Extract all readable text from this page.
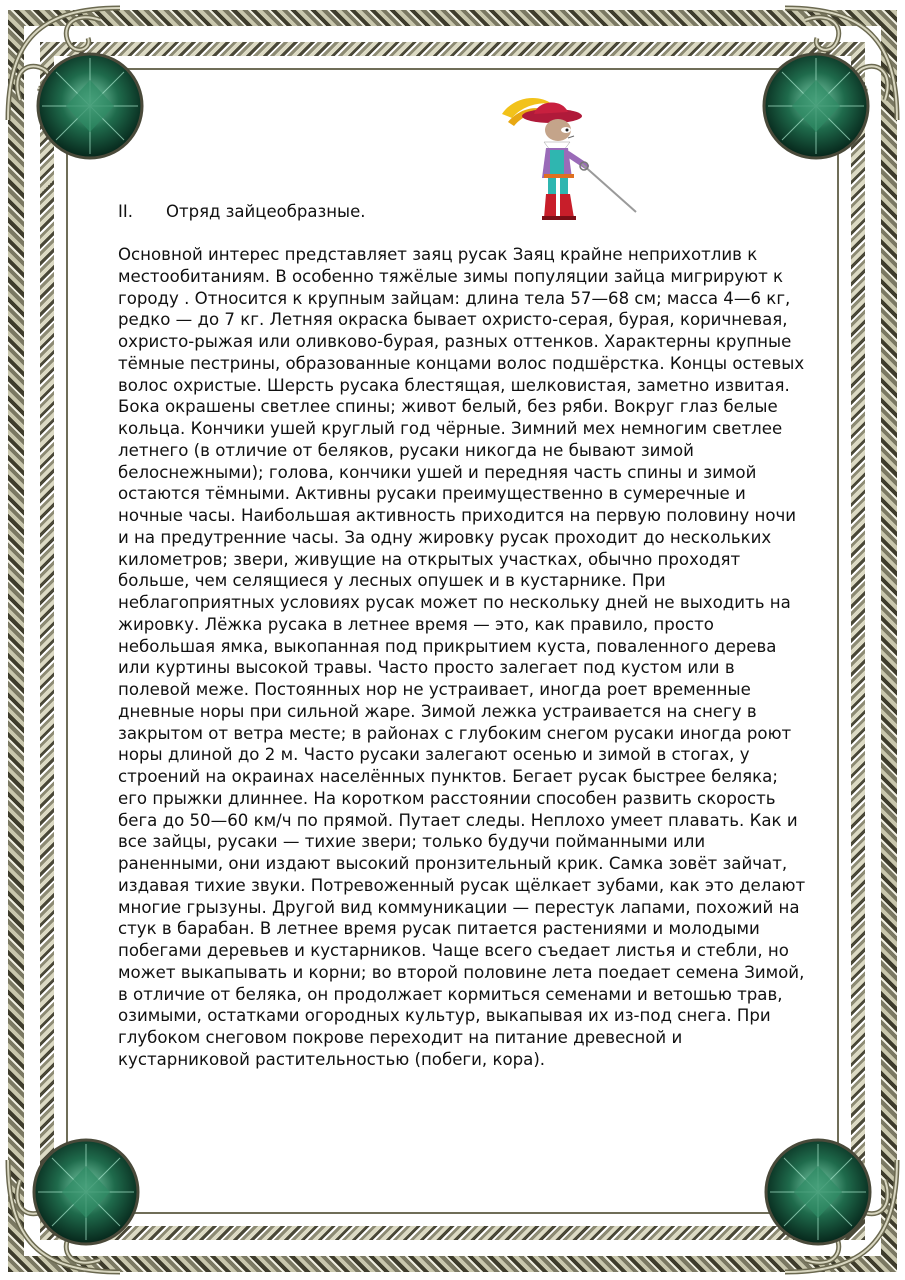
II. Отряд зайцеобразные.
Основной интерес представляет заяц русак Заяц крайне неприхотлив к местообитаниям. В особенно тяжёлые зимы популяции зайца мигрируют к городу . Относится к крупным зайцам: длина тела 57—68 см; масса 4—6 кг, редко — до 7 кг. Летняя окраска бывает охристо-серая, бурая, коричневая, охристо-рыжая или оливково-бурая, разных оттенков. Характерны крупные тёмные пестрины, образованные концами волос подшёрстка. Концы остевых волос охристые. Шерсть русака блестящая, шелковистая, заметно извитая. Бока окрашены светлее спины; живот белый, без ряби. Вокруг глаз белые кольца. Кончики ушей круглый год чёрные. Зимний мех немногим светлее летнего (в отличие от беляков, русаки никогда не бывают зимой белоснежными); голова, кончики ушей и передняя часть спины и зимой остаются тёмными. Активны русаки преимущественно в сумеречные и ночные часы. Наибольшая активность приходится на первую половину ночи и на предутренние часы. За одну жировку русак проходит до нескольких километров; звери, живущие на открытых участках, обычно проходят больше, чем селящиеся у лесных опушек и в кустарнике. При неблагоприятных условиях русак может по нескольку дней не выходить на жировку. Лёжка русака в летнее время — это, как правило, просто небольшая ямка, выкопанная под прикрытием куста, поваленного дерева или куртины высокой травы. Часто просто залегает под кустом или в полевой меже. Постоянных нор не устраивает, иногда роет временные дневные норы при сильной жаре. Зимой лежка устраивается на снегу в закрытом от ветра месте; в районах с глубоким снегом русаки иногда роют норы длиной до 2 м. Часто русаки залегают осенью и зимой в стогах, у строений на окраинах населённых пунктов. Бегает русак быстрее беляка; его прыжки длиннее. На коротком расстоянии способен развить скорость бега до 50—60 км/ч по прямой. Путает следы. Неплохо умеет плавать. Как и все зайцы, русаки — тихие звери; только будучи пойманными или раненными, они издают высокий пронзительный крик. Самка зовёт зайчат, издавая тихие звуки. Потревоженный русак щёлкает зубами, как это делают многие грызуны. Другой вид коммуникации — перестук лапами, похожий на стук в барабан. В летнее время русак питается растениями и молодыми побегами деревьев и кустарников. Чаще всего съедает листья и стебли, но может выкапывать и корни; во второй половине лета поедает семена Зимой, в отличие от беляка, он продолжает кормиться семенами и ветошью трав, озимыми, остатками огородных культур, выкапывая их из-под снега. При глубоком снеговом покрове переходит на питание древесной и кустарниковой растительностью (побеги, кора).
